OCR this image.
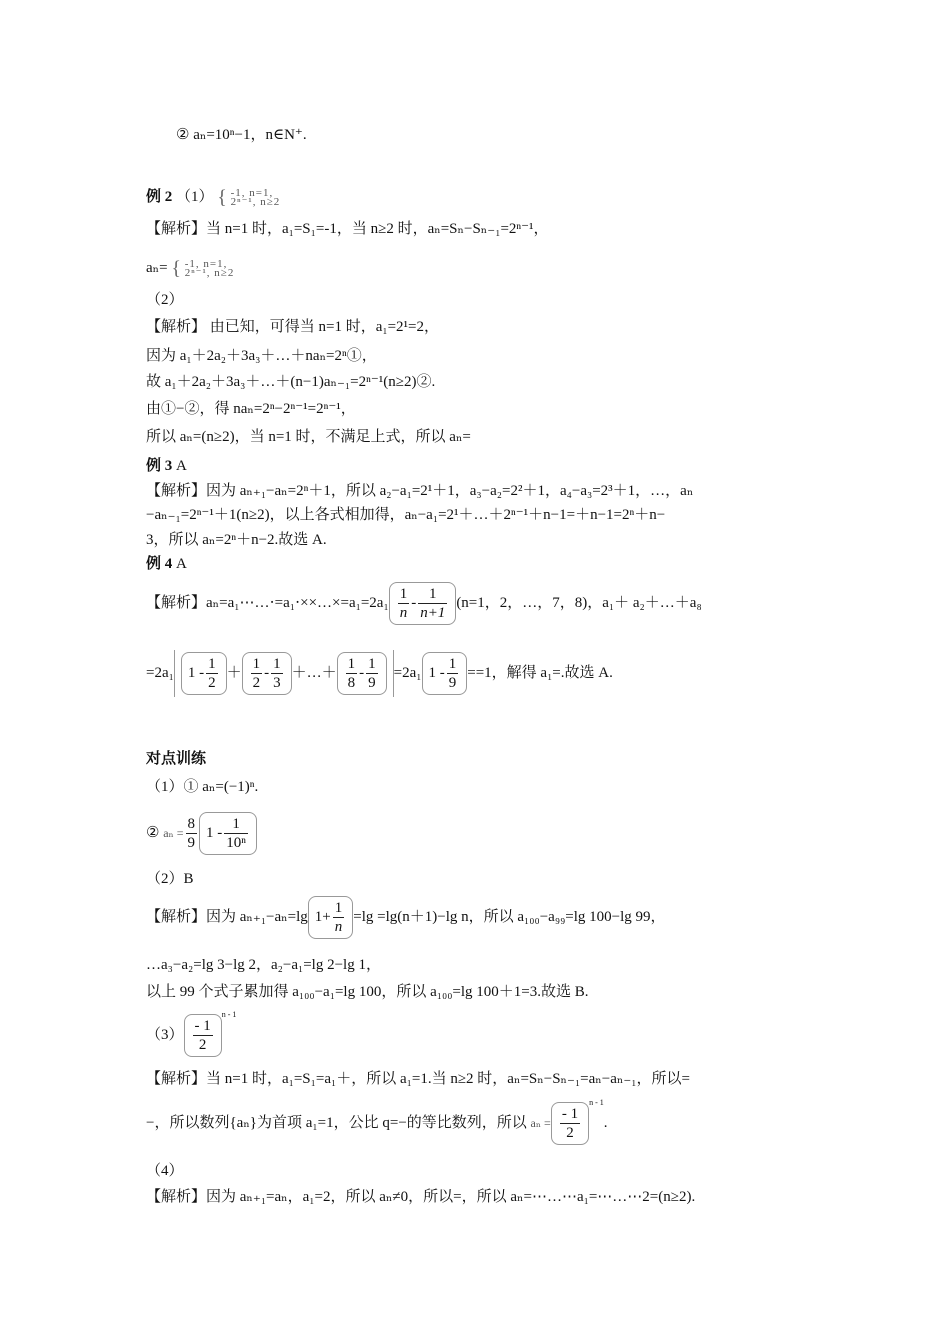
② aₙ=10ⁿ−1，n∈N⁺.
例 2 （1） { -1, n=1,
2ⁿ⁻¹, n≥2
【解析】当 n=1 时，a₁=S₁=-1，当 n≥2 时，aₙ=Sₙ−Sₙ₋₁=2ⁿ⁻¹，
aₙ= { -1, n=1,
2ⁿ⁻¹, n≥2
（2）
【解析】 由已知，可得当 n=1 时，a₁=2¹=2，
因为 a₁＋2a₂＋3a₃＋…＋naₙ=2ⁿ①，
故 a₁＋2a₂＋3a₃＋…＋(n−1)aₙ₋₁=2ⁿ⁻¹(n≥2)②.
由①−②，得 naₙ=2ⁿ−2ⁿ⁻¹=2ⁿ⁻¹，
所以 aₙ=(n≥2)，当 n=1 时，不满足上式，所以 aₙ=
例 3 A
【解析】因为 aₙ₊₁−aₙ=2ⁿ＋1，所以 a₂−a₁=2¹＋1，a₃−a₂=2²＋1，a₄−a₃=2³＋1，…，aₙ
−aₙ₋₁=2ⁿ⁻¹＋1(n≥2)，以上各式相加得，aₙ−a₁=2¹＋…＋2ⁿ⁻¹＋n−1=＋n−1=2ⁿ＋n−
3，所以 aₙ=2ⁿ＋n−2.故选 A.
例 4 A
【解析】aₙ=a₁⋯…⋅=a₁⋅××…×=a₁=2a₁ $\frac{1}{n} - \frac{1}{n+1} (n=1$，2，…，7，8)，a₁＋ a₂＋…＋a₈
=2a₁ $1 - \frac{1}{2} + \frac{1}{2} - \frac{1}{3}$ ＋…＋ $\frac{1}{8} - \frac{1}{9} =2a_1$ $1 - \frac{1}{9} ==1$，解得 a₁=.故选 A.
对点训练
（1）① aₙ=(−1)ⁿ.
② $a_n = \frac{8}{9} 1 - \frac{1}{\text{10ⁿ}}$
（2）B
【解析】因为 aₙ₊₁−aₙ=lg $1+ \frac{1}{n} =\lg =\lg(n+1)-\lg$ n，所以 a₁₀₀−a₉₉=lg 100−lg 99，
…a₃−a₂=lg 3−lg 2，a₂−a₁=lg 2−lg 1，
以上 99 个式子累加得 a₁₀₀−a₁=lg 100，所以 a₁₀₀=lg 100＋1=3.故选 B.
$(3) \frac{- 1}{2}$
$^{n - 1}$
【解析】当 n=1 时，a₁=S₁=a₁＋，所以 a₁=1.当 n≥2 时，aₙ=Sₙ−Sₙ₋₁=aₙ−aₙ₋₁，所以=
−，所以数列{aₙ}为首项 a₁=1，公比 q=−的等比数列，所以 $a_n = \frac{- 1}{2}$
$^{n - 1}$.
（4）
【解析】因为 aₙ₊₁=aₙ，a₁=2，所以 aₙ≠0，所以=，所以 aₙ=⋯…⋯a₁=⋯…⋯2=(n≥2).
